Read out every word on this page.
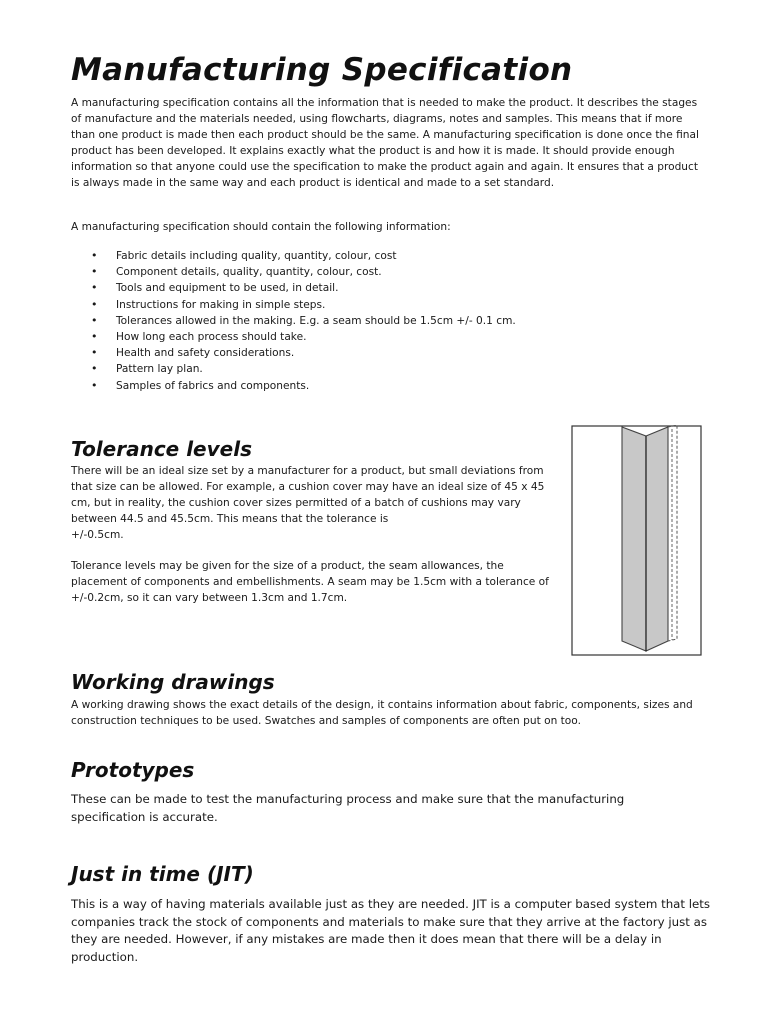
Manufacturing Specification

A manufacturing specification contains all the information that is needed to make the product. It describes the stages of manufacture and the materials needed, using flowcharts, diagrams, notes and samples. This means that if more than one product is made then each product should be the same. A manufacturing specification is done once the final product has been developed. It explains exactly what the product is and how it is made. It should provide enough information so that anyone could use the specification to make the product again and again. It ensures that a product is always made in the same way and each product is identical and made to a set standard.

A manufacturing specification should contain the following information:

• Fabric details including quality, quantity, colour, cost
• Component details, quality, quantity, colour, cost.
• Tools and equipment to be used, in detail.
• Instructions for making in simple steps.
• Tolerances allowed in the making. E.g. a seam should be 1.5cm +/- 0.1 cm.
• How long each process should take.
• Health and safety considerations.
• Pattern lay plan.
• Samples of fabrics and components.
Tolerance levels

There will be an ideal size set by a manufacturer for a product, but small deviations from that size can be allowed. For example, a cushion cover may have an ideal size of 45 x 45 cm, but in reality, the cushion cover sizes permitted of a batch of cushions may vary between 44.5 and 45.5cm. This means that the tolerance is

+/-0.5cm.

Tolerance levels may be given for the size of a product, the seam allowances, the placement of components and embellishments. A seam may be 1.5cm with a tolerance of +/-0.2cm, so it can vary between 1.3cm and 1.7cm.

Working drawings

A working drawing shows the exact details of the design, it contains information about fabric, components, sizes and construction techniques to be used. Swatches and samples of components are often put on too.

Prototypes

These can be made to test the manufacturing process and make sure that the manufacturing specification is accurate.

Just in time (JIT)

This is a way of having materials available just as they are needed. JIT is a computer based system that lets companies track the stock of components and materials to make sure that they arrive at the factory just as they are needed. However, if any mistakes are made then it does mean that there will be a delay in production.
